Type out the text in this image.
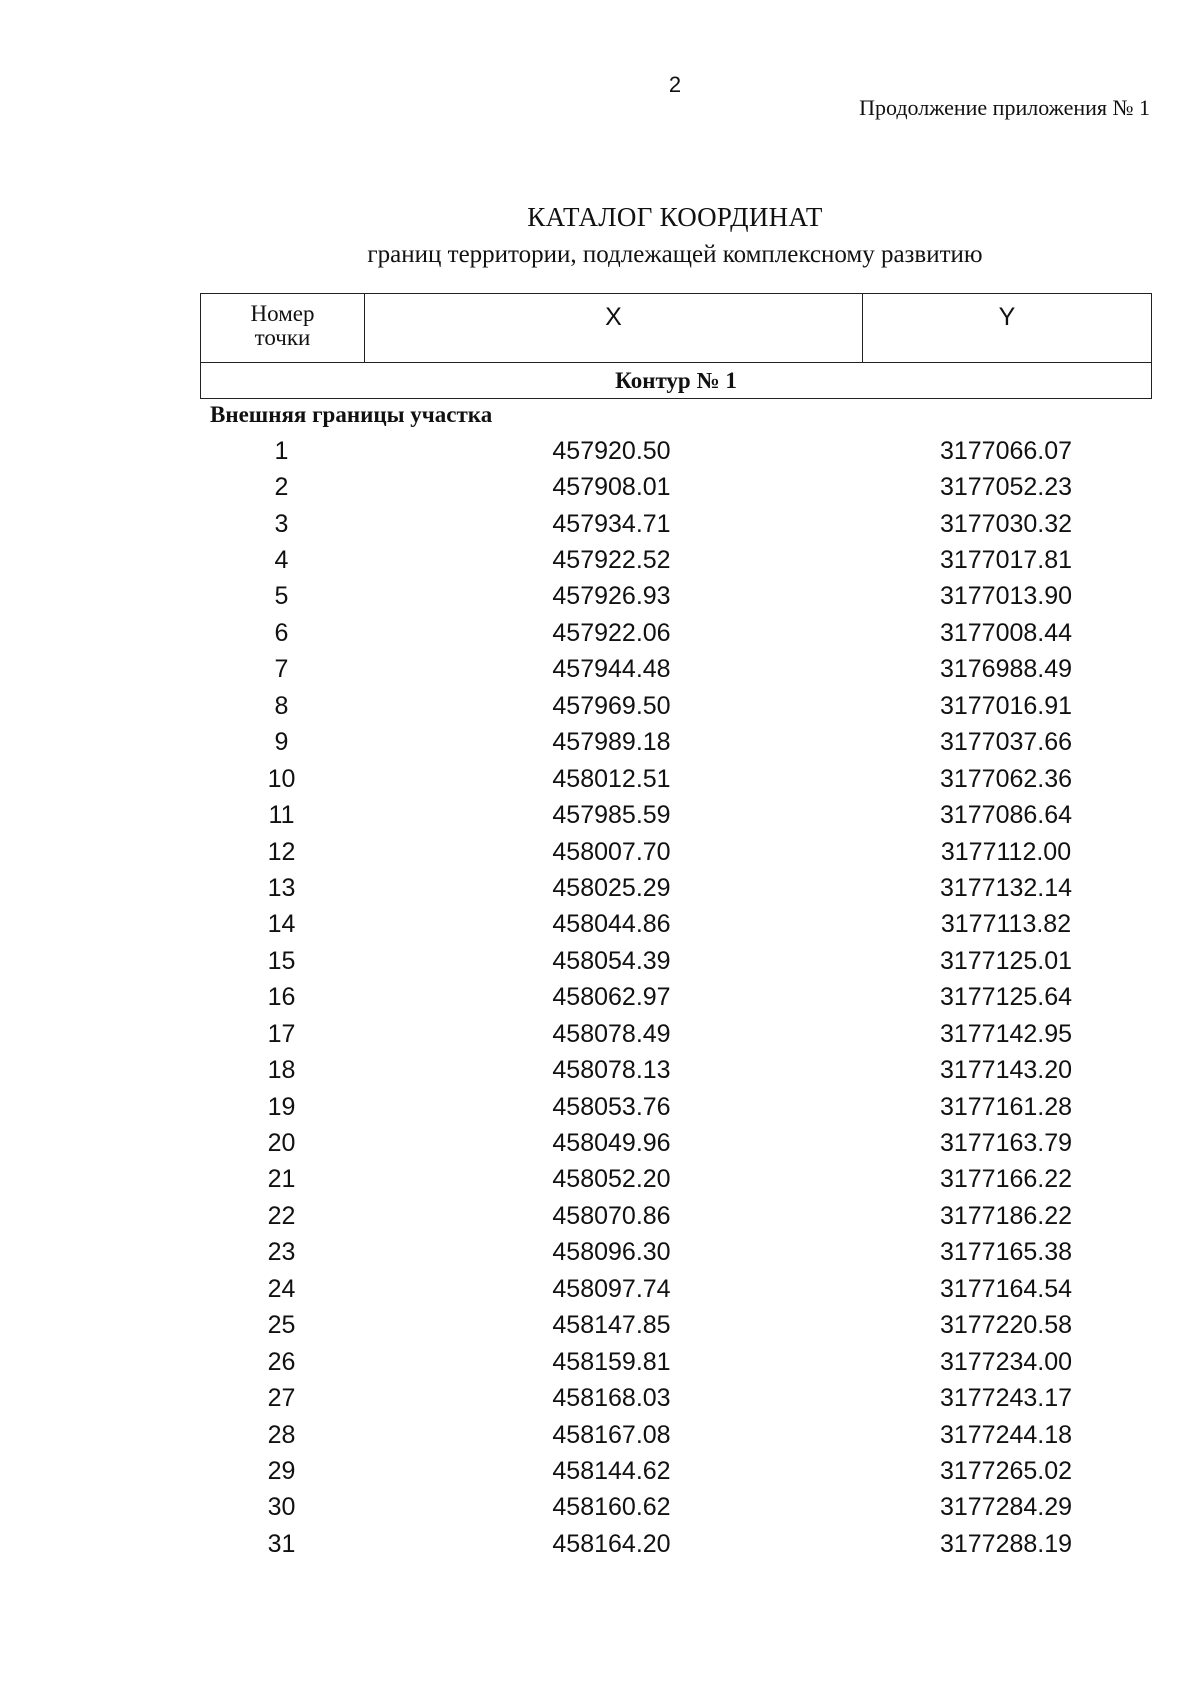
2
Продолжение приложения № 1
КАТАЛОГ КООРДИНАТ
границ территории, подлежащей комплексному развитию
Номер
точки
	X	Y
Контур № 1
Внешняя границы участка
1	457920.50	3177066.07
2	457908.01	3177052.23
3	457934.71	3177030.32
4	457922.52	3177017.81
5	457926.93	3177013.90
6	457922.06	3177008.44
7	457944.48	3176988.49
8	457969.50	3177016.91
9	457989.18	3177037.66
10	458012.51	3177062.36
11	457985.59	3177086.64
12	458007.70	3177112.00
13	458025.29	3177132.14
14	458044.86	3177113.82
15	458054.39	3177125.01
16	458062.97	3177125.64
17	458078.49	3177142.95
18	458078.13	3177143.20
19	458053.76	3177161.28
20	458049.96	3177163.79
21	458052.20	3177166.22
22	458070.86	3177186.22
23	458096.30	3177165.38
24	458097.74	3177164.54
25	458147.85	3177220.58
26	458159.81	3177234.00
27	458168.03	3177243.17
28	458167.08	3177244.18
29	458144.62	3177265.02
30	458160.62	3177284.29
31	458164.20	3177288.19
